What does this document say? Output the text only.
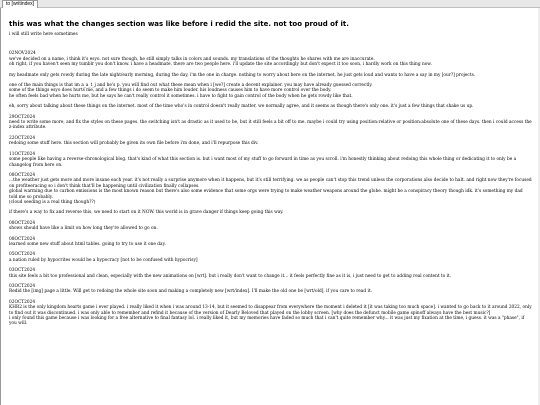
to [writindex]
this was what the changes section was like before i redid the site. not too proud of it.

i will still write here sometimes

02NOV2024
we've decided on a name, i think it's esyo. not sure though, he still simply talks in colors and sounds. my translations of the thoughts he shares with me are inaccurate.
oh right, if you haven't seen my tumblr you don't know. i have a headmate. there are two people here. i'll update the site accordingly but don't expect it too soon, i hardly work on this thing now.
my headmate only gets rowdy during the late night/early morning, during the day, i'm the one in charge. nothing to worry about here on the internet, he just gets loud and wants to have a say in my [our?] projects.
one of the main things is that im a_a_t_j and he's p. you will find out what these mean when i [we?] create a decent explainer. you may have already guessed correctly.
some of the things esyo does hurts me, and a few things i do seem to make him louder. his loudness causes him to have more control over the body.
he often feels bad when he hurts me, but he says he can't really control it sometimes. i have to fight to gain control of the body when he gets rowdy like that.
eh, sorry about talking about these things on the internet. most of the time who's in control doesn't really matter, we normally agree, and it seems as though there's only one. it's just a few things that shake us up.

29OCT2024
need to write some more, and fix the styles on these pages. the switching isn't as drastic as it used to be, but it still feels a bit off to me. maybe i could try using position:relative or position:absolute one of these days. then i could access the z-index attribute.

22OCT2024
redoing some stuff here. this section will probably be given its own file before i'm done, and i'll repurpose this div.

11OCT2024
some people like having a reverse-chronological blog. that's kind of what this section is. but i want most of my stuff to go forward in time as you scroll. i'm honestly thinking about redoing this whole thing or dedicating it to only be a changelog from here on.

08OCT2024
...the weather just gets more and more insane each year. it's not really a surprise anymore when it happens, but it's still terrifying. we as people can't stop this trend unless the corporations also decide to halt. and right now they're focused on profiteeracing so i don't think that'll be happening until civilization finally collapses.
global warming due to carbon emissions is the most known reason but there's also some evidence that some orgs were trying to make weather weapons around the globe. might be a conspiracy theory though idk. it's something my dad told me so probably.
(cloud seeding is a real thing though??)
if there's a way to fix and reverse this, we need to start on it NOW. this world is in grave danger if things keep going this way.

08OCT2024
shows should have like a limit on how long they're allowed to go on.

08OCT2024
learned some new stuff about html tables. going to try to use it one day.

05OCT2024
a nation ruled by hypocrites would be a hypocracy [not to be confused with hypocrisy]

03OCT2024
this site feels a bit too professional and clean, especially with the new animations on [wrt]. but i really don't want to change it... it feels perfectly fine as it is, i just need to get to adding real content to it.

03OCT2024
Redid the [img] page a little. Will get to redoing the whole site soon and making a completely new [wrt/index]. I'll make the old one be [wrt/old], if you care to read it.

02OCT2024
KHR2 is the only kingdom hearts game i ever played. i really liked it when i was around 13-14, but it seemed to disappear from everywhere the moment i deleted it [it was taking too much space]. i wanted to go back to it around 2022, only to find out it was discontinued. i was only able to remember and refind it because of the version of Dearly Beloved that played on the lobby screen. [why does the defunct mobile game spinoff always have the best music?]
i only found this game because i was looking for a free alternative to final fantasy lol. i really liked it, but my memories have faded so much that i can't quite remember why... it was just my fixation at the time, i guess. it was a "phase", if you will.
